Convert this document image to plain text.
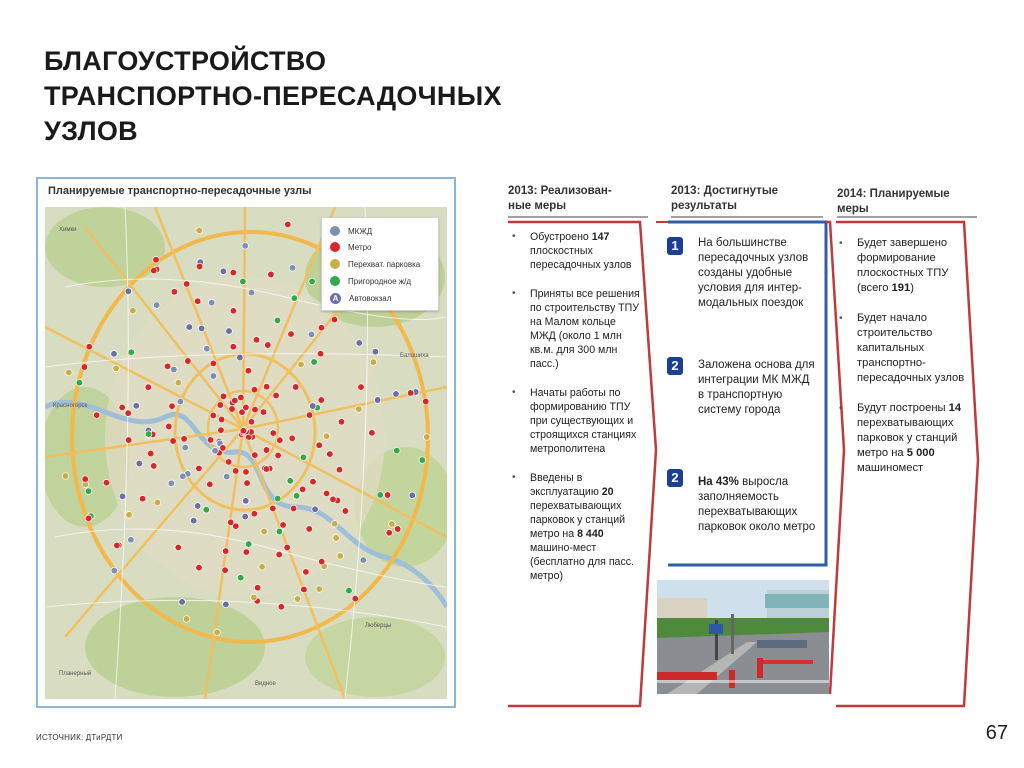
БЛАГОУСТРОЙСТВО
ТРАНСПОРТНО-ПЕРЕСАДОЧНЫХ
УЗЛОВ
Планируемые транспортно-пересадочные узлы
Химки
Балашиха
Красногорск
Люберцы
Планерный
Видное
МКЖД
Метро
Перехват. парковка
Пригородное ж/д
А	Автовокзал
2013: Реализован-
ные меры
• Обустроено 147 плоскостных пересадочных узлов
• Приняты все решения по строительству ТПУ на Малом кольце МЖД (около 1 млн кв.м. для 300 млн пасс.)
• Начаты работы по формированию ТПУ при существующих и строящихся станциях метрополитена
• Введены в эксплуатацию 20 перехватывающих парковок у станций метро на 8 440 машино-мест (бесплатно для пасс. метро)
2013: Достигнутые
результаты
1	На большинстве пересадочных узлов созданы удобные условия для интер-модальных поездок
2	Заложена основа для интеграции МК МЖД в транспортную систему города
2	На 43% выросла заполняемость перехватывающих парковок около метро
2014: Планируемые
меры
• Будет завершено формирование плоскостных ТПУ (всего 191)
• Будет начало строительство капитальных транспортно-пересадочных узлов
• Будут построены 14 перехватывающих парковок у станций метро на 5 000 машиномест
ИСТОЧНИК: ДТиРДТИ	67
